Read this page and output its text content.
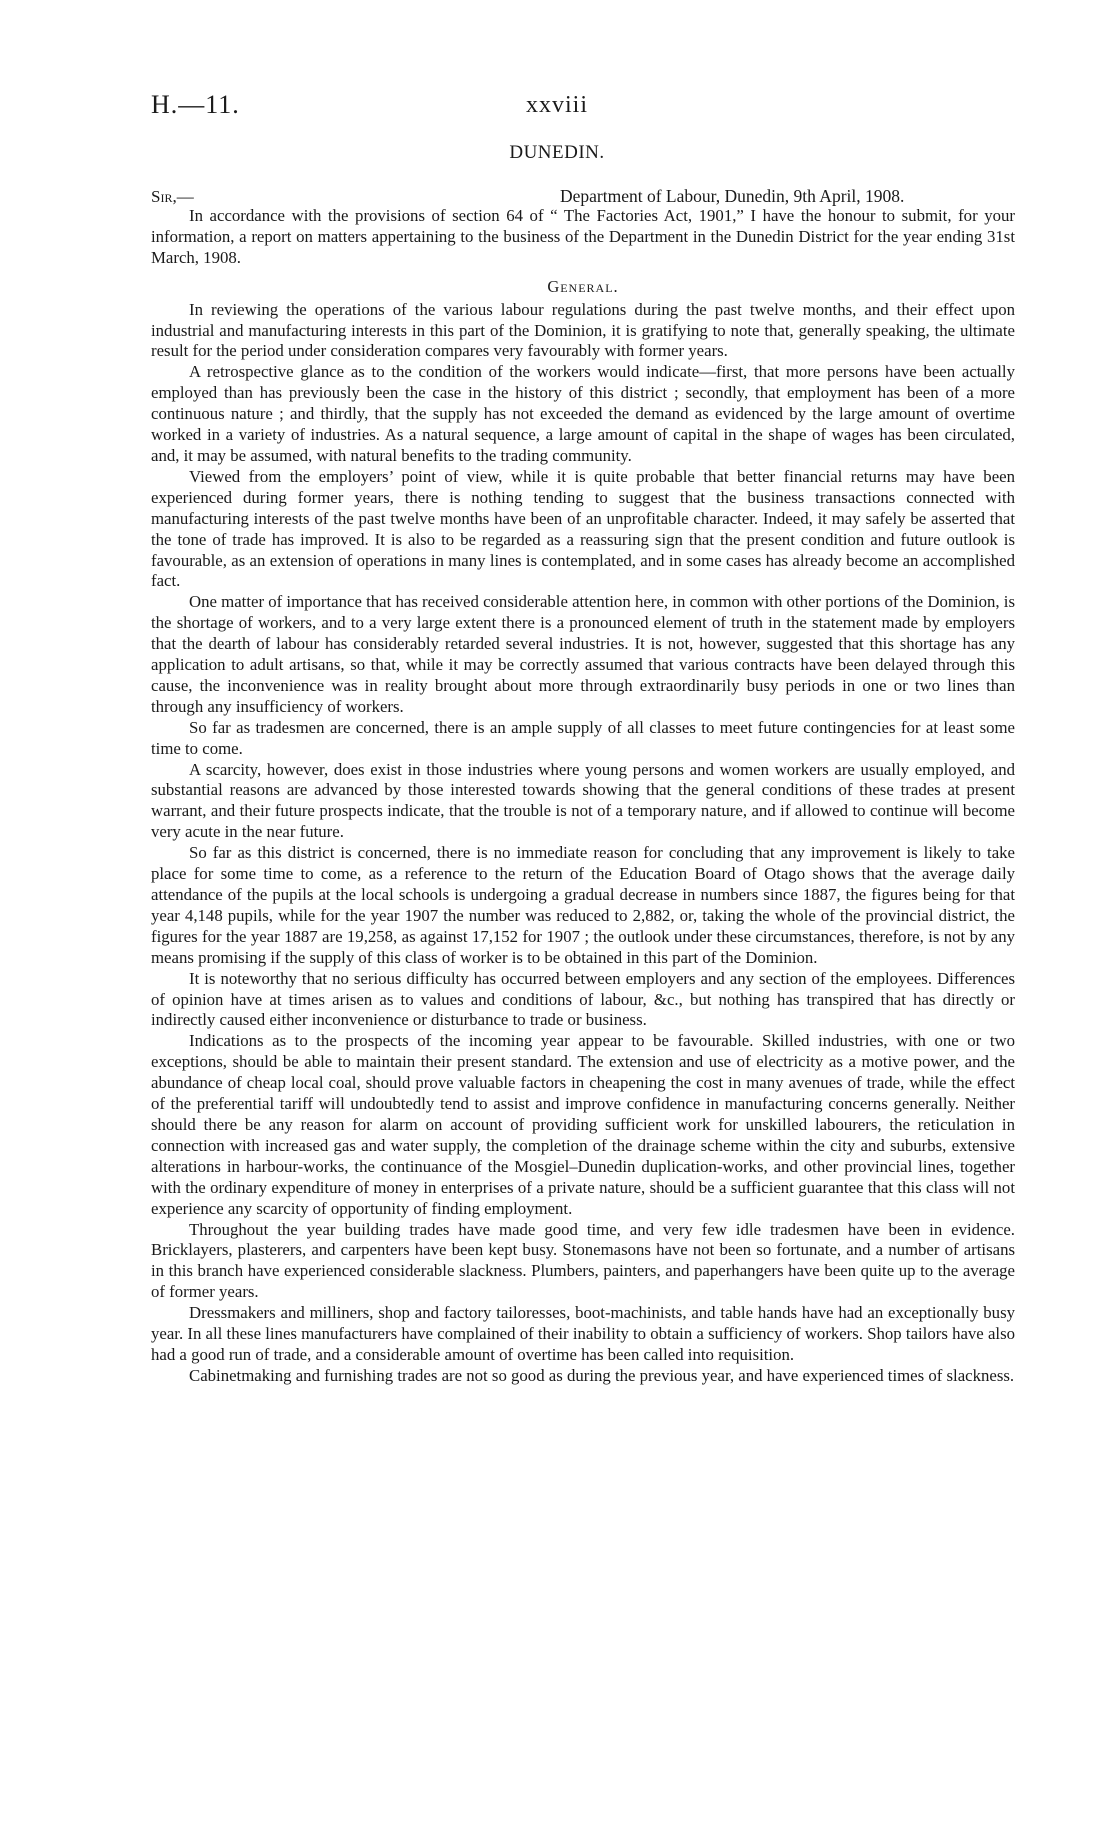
H.—11.	xxviii
DUNEDIN.
Sir,—	Department of Labour, Dunedin, 9th April, 1908.

In accordance with the provisions of section 64 of “ The Factories Act, 1901,” I have the honour to submit, for your information, a report on matters appertaining to the business of the Department in the Dunedin District for the year ending 31st March, 1908.

General.

In reviewing the operations of the various labour regulations during the past twelve months, and their effect upon industrial and manufacturing interests in this part of the Dominion, it is gratifying to note that, generally speaking, the ultimate result for the period under consideration compares very favourably with former years.

A retrospective glance as to the condition of the workers would indicate—first, that more persons have been actually employed than has previously been the case in the history of this district ; secondly, that employment has been of a more continuous nature ; and thirdly, that the supply has not exceeded the demand as evidenced by the large amount of overtime worked in a variety of industries. As a natural sequence, a large amount of capital in the shape of wages has been circulated, and, it may be assumed, with natural benefits to the trading community.

Viewed from the employers’ point of view, while it is quite probable that better financial returns may have been experienced during former years, there is nothing tending to suggest that the business transactions connected with manufacturing interests of the past twelve months have been of an unprofitable character. Indeed, it may safely be asserted that the tone of trade has improved. It is also to be regarded as a reassuring sign that the present condition and future outlook is favourable, as an extension of operations in many lines is contemplated, and in some cases has already become an accomplished fact.

One matter of importance that has received considerable attention here, in common with other portions of the Dominion, is the shortage of workers, and to a very large extent there is a pronounced element of truth in the statement made by employers that the dearth of labour has considerably retarded several industries. It is not, however, suggested that this shortage has any application to adult artisans, so that, while it may be correctly assumed that various contracts have been delayed through this cause, the inconvenience was in reality brought about more through extraordinarily busy periods in one or two lines than through any insufficiency of workers.

So far as tradesmen are concerned, there is an ample supply of all classes to meet future contingencies for at least some time to come.

A scarcity, however, does exist in those industries where young persons and women workers are usually employed, and substantial reasons are advanced by those interested towards showing that the general conditions of these trades at present warrant, and their future prospects indicate, that the trouble is not of a temporary nature, and if allowed to continue will become very acute in the near future.

So far as this district is concerned, there is no immediate reason for concluding that any improvement is likely to take place for some time to come, as a reference to the return of the Education Board of Otago shows that the average daily attendance of the pupils at the local schools is undergoing a gradual decrease in numbers since 1887, the figures being for that year 4,148 pupils, while for the year 1907 the number was reduced to 2,882, or, taking the whole of the provincial district, the figures for the year 1887 are 19,258, as against 17,152 for 1907 ; the outlook under these circumstances, therefore, is not by any means promising if the supply of this class of worker is to be obtained in this part of the Dominion.

It is noteworthy that no serious difficulty has occurred between employers and any section of the employees. Differences of opinion have at times arisen as to values and conditions of labour, &c., but nothing has transpired that has directly or indirectly caused either inconvenience or disturbance to trade or business.

Indications as to the prospects of the incoming year appear to be favourable. Skilled industries, with one or two exceptions, should be able to maintain their present standard. The extension and use of electricity as a motive power, and the abundance of cheap local coal, should prove valuable factors in cheapening the cost in many avenues of trade, while the effect of the preferential tariff will undoubtedly tend to assist and improve confidence in manufacturing concerns generally. Neither should there be any reason for alarm on account of providing sufficient work for unskilled labourers, the reticulation in connection with increased gas and water supply, the completion of the drainage scheme within the city and suburbs, extensive alterations in harbour-works, the continuance of the Mosgiel–Dunedin duplication-works, and other provincial lines, together with the ordinary expenditure of money in enterprises of a private nature, should be a sufficient guarantee that this class will not experience any scarcity of opportunity of finding employment.

Throughout the year building trades have made good time, and very few idle tradesmen have been in evidence. Bricklayers, plasterers, and carpenters have been kept busy. Stonemasons have not been so fortunate, and a number of artisans in this branch have experienced considerable slackness. Plumbers, painters, and paperhangers have been quite up to the average of former years.

Dressmakers and milliners, shop and factory tailoresses, boot-machinists, and table hands have had an exceptionally busy year. In all these lines manufacturers have complained of their inability to obtain a sufficiency of workers. Shop tailors have also had a good run of trade, and a considerable amount of overtime has been called into requisition.

Cabinetmaking and furnishing trades are not so good as during the previous year, and have experienced times of slackness.
